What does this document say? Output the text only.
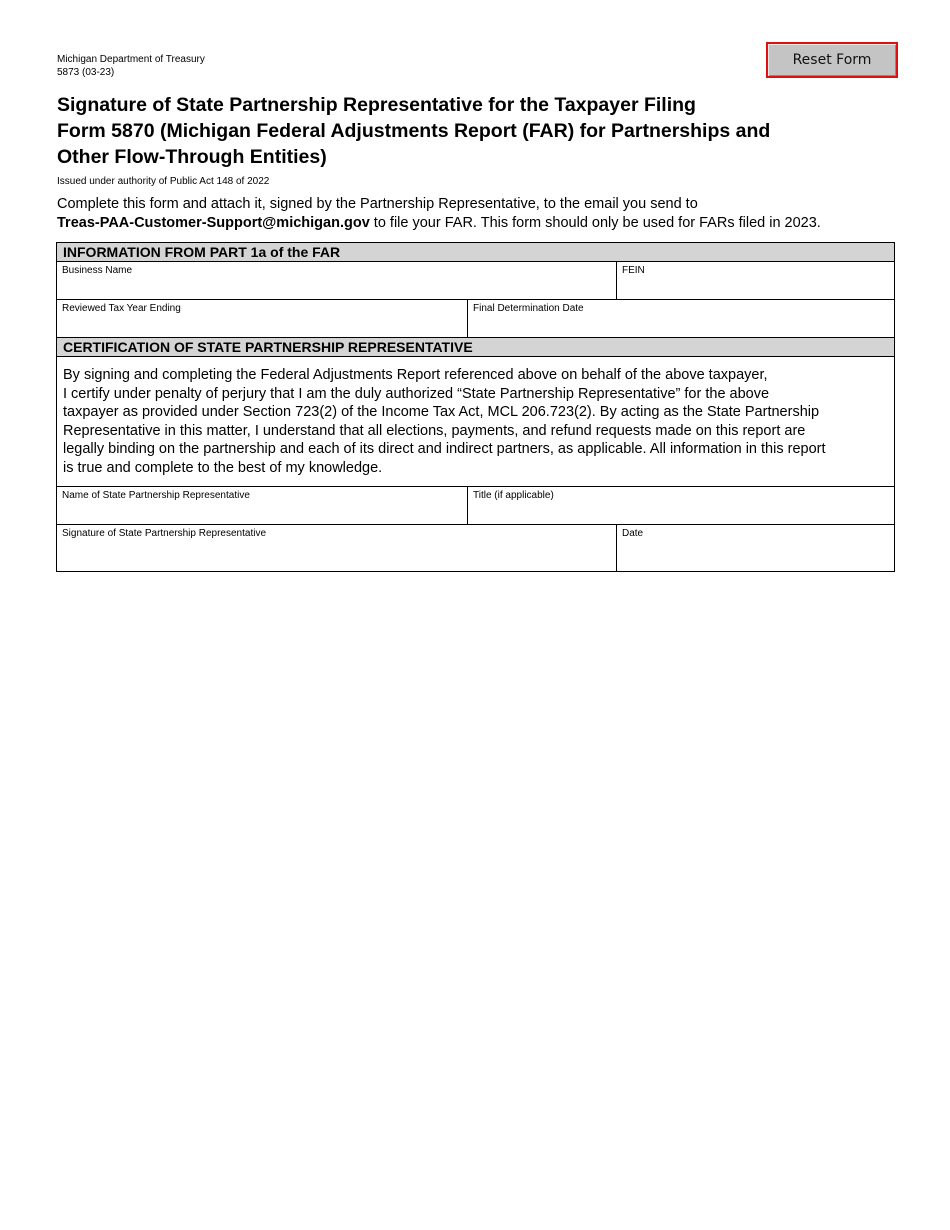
Michigan Department of Treasury
5873 (03-23)
Reset Form
Signature of State Partnership Representative for the Taxpayer Filing
Form 5870 (Michigan Federal Adjustments Report (FAR) for Partnerships and
Other Flow-Through Entities)
Issued under authority of Public Act 148 of 2022
Complete this form and attach it, signed by the Partnership Representative, to the email you send to
Treas-PAA-Customer-Support@michigan.gov to file your FAR. This form should only be used for FARs filed in 2023.
INFORMATION FROM PART 1a of the FAR
Business Name	FEIN
Reviewed Tax Year Ending	Final Determination Date
CERTIFICATION OF STATE PARTNERSHIP REPRESENTATIVE
By signing and completing the Federal Adjustments Report referenced above on behalf of the above taxpayer,
I certify under penalty of perjury that I am the duly authorized “State Partnership Representative” for the above
taxpayer as provided under Section 723(2) of the Income Tax Act, MCL 206.723(2). By acting as the State Partnership
Representative in this matter, I understand that all elections, payments, and refund requests made on this report are
legally binding on the partnership and each of its direct and indirect partners, as applicable. All information in this report
is true and complete to the best of my knowledge.
Name of State Partnership Representative	Title (if applicable)
Signature of State Partnership Representative	Date
